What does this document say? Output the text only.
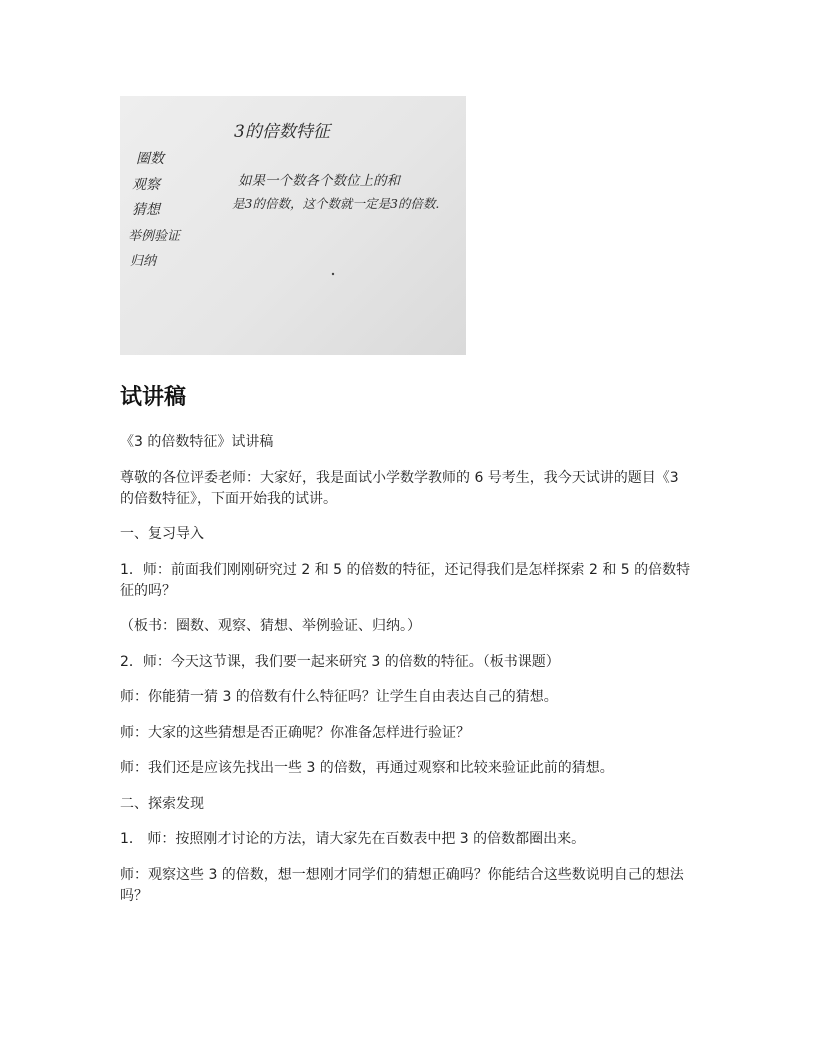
3的倍数特征
圈数
观察
猜想
举例验证
归纳
如果一个数各个数位上的和
是3的倍数，这个数就一定是3的倍数.
试讲稿

《3 的倍数特征》试讲稿

尊敬的各位评委老师：大家好，我是面试小学数学教师的 6 号考生，我今天试讲的题目《3 的倍数特征》，下面开始我的试讲。

一、复习导入

1．师：前面我们刚刚研究过 2 和 5 的倍数的特征，还记得我们是怎样探索 2 和 5 的倍数特征的吗？

（板书：圈数、观察、猜想、举例验证、归纳。）

2．师：今天这节课，我们要一起来研究 3 的倍数的特征。（板书课题）

师：你能猜一猜 3 的倍数有什么特征吗？让学生自由表达自己的猜想。

师：大家的这些猜想是否正确呢？你准备怎样进行验证？

师：我们还是应该先找出一些 3 的倍数，再通过观察和比较来验证此前的猜想。

二、探索发现

1． 师：按照刚才讨论的方法，请大家先在百数表中把 3 的倍数都圈出来。

师：观察这些 3 的倍数，想一想刚才同学们的猜想正确吗？你能结合这些数说明自己的想法吗？
